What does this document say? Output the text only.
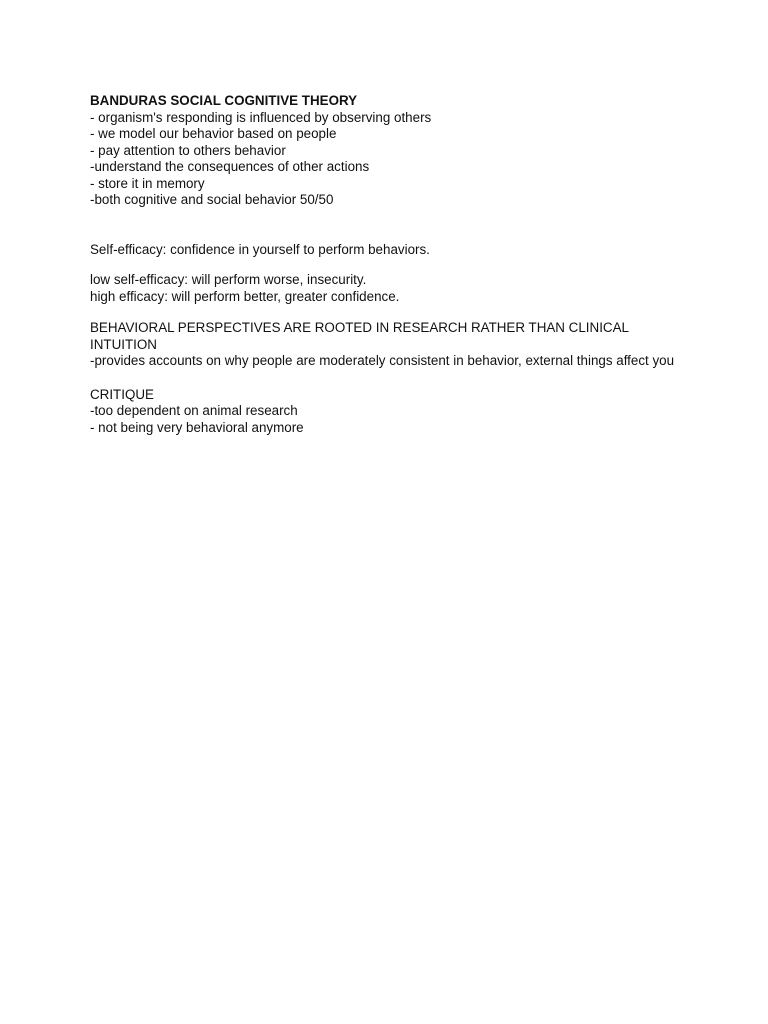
BANDURAS SOCIAL COGNITIVE THEORY
- organism's responding is influenced by observing others
- we model our behavior based on people
- pay attention to others behavior
-understand the consequences of other actions
- store it in memory
-both cognitive and social behavior 50/50
Self-efficacy: confidence in yourself to perform behaviors.
low self-efficacy: will perform worse, insecurity.
high efficacy: will perform better, greater confidence.
BEHAVIORAL PERSPECTIVES ARE ROOTED IN RESEARCH RATHER THAN CLINICAL INTUITION
-provides accounts on why people are moderately consistent in behavior, external things affect you
CRITIQUE
-too dependent on animal research
- not being very behavioral anymore
